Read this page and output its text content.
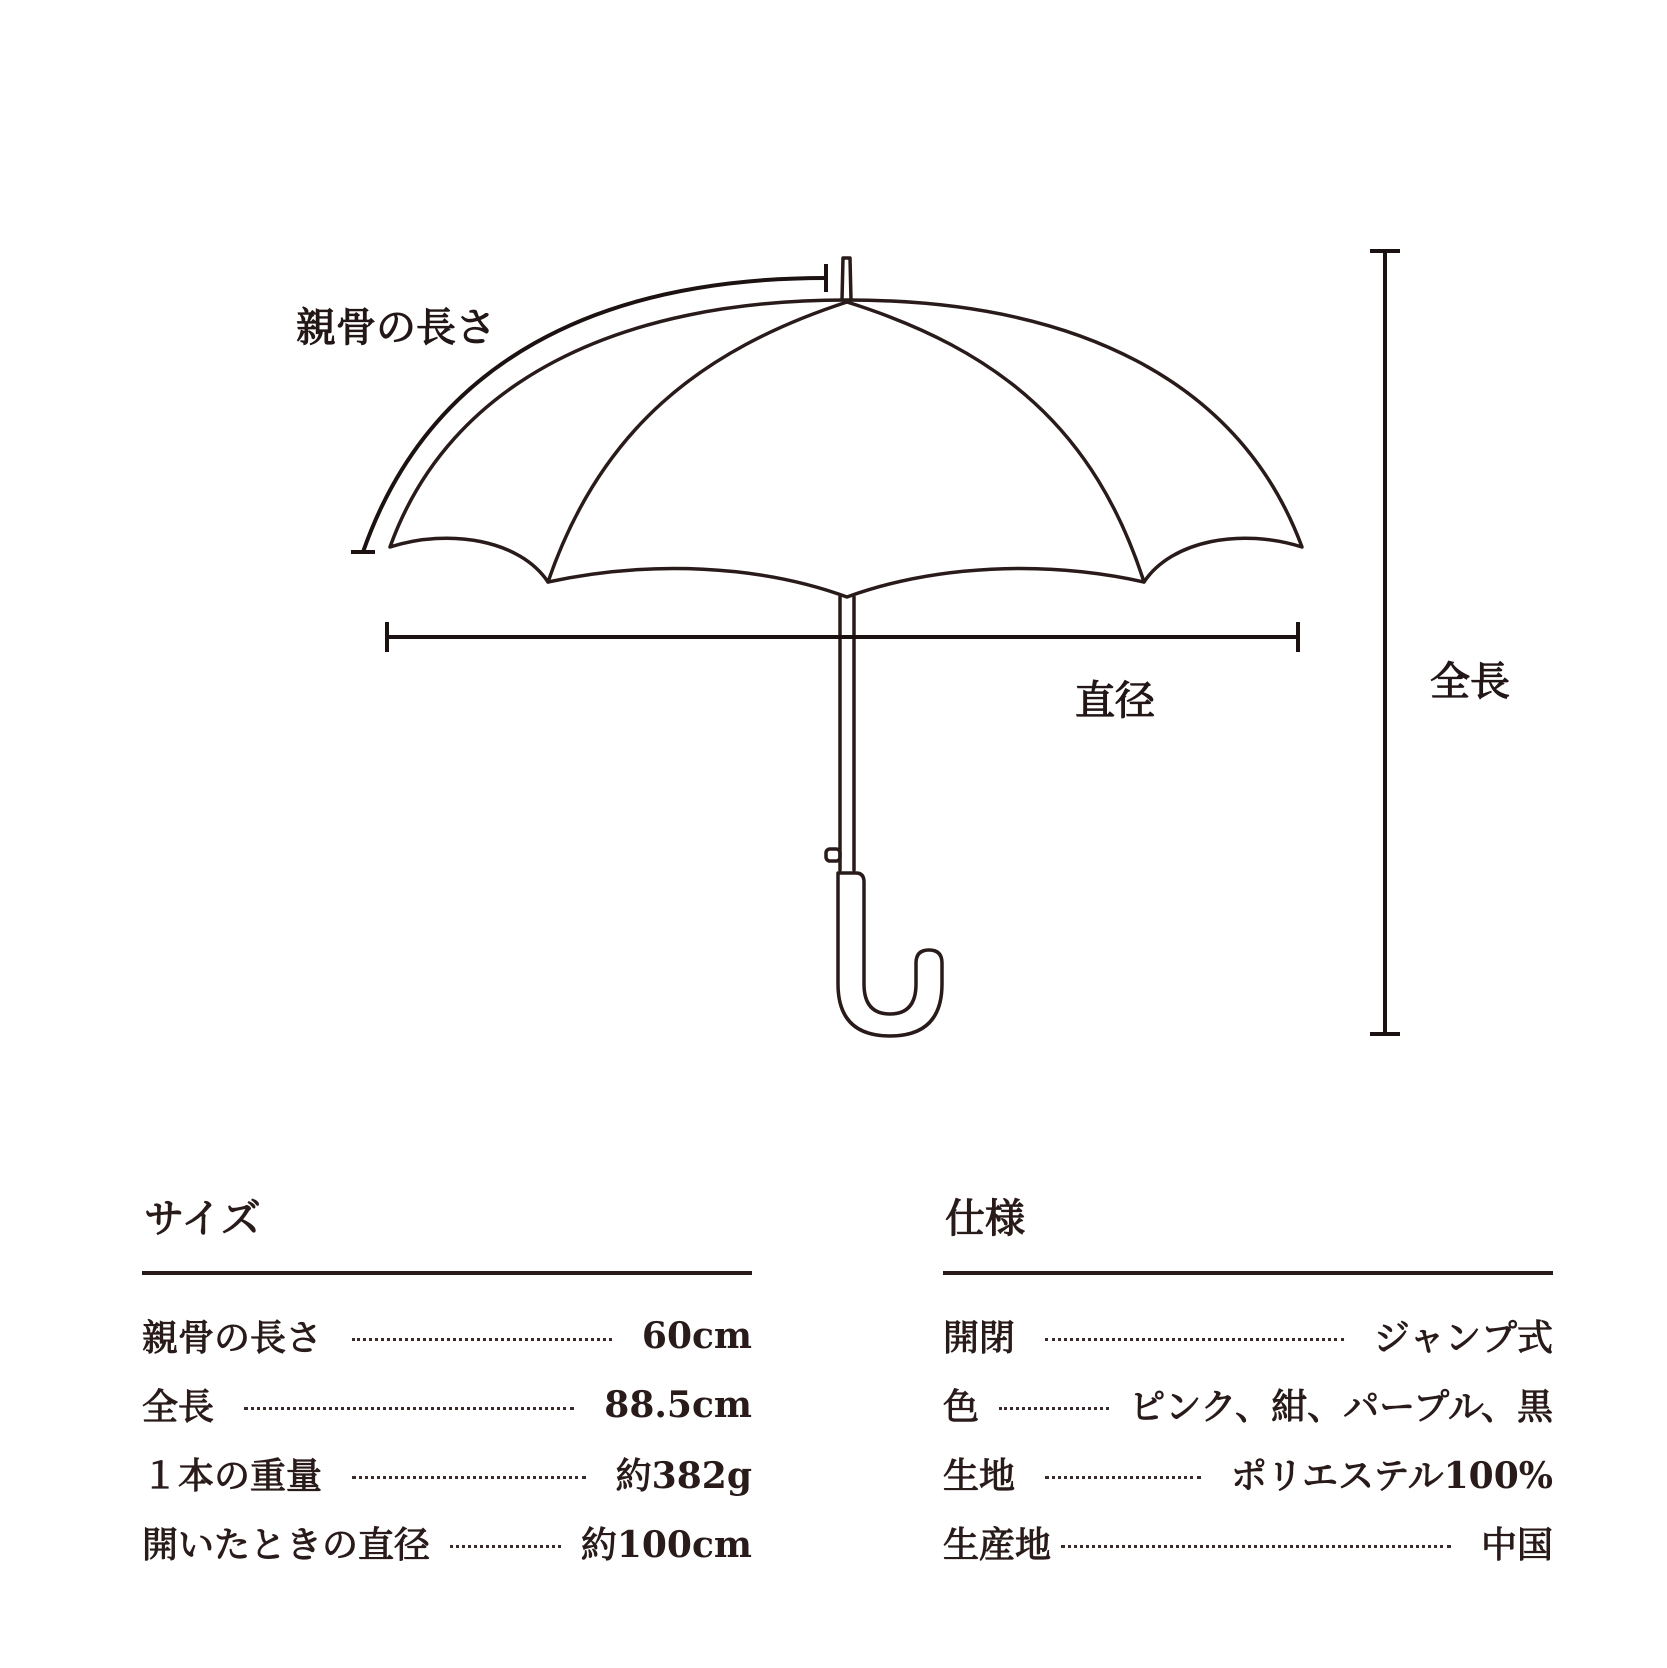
親骨の長さ
直径	全長
サイズ
親骨の長さ	60cm
全長	88.5cm
１本の重量	約382g
開いたときの直径	約100cm
仕様
開閉	ジャンプ式
色	ピンク、紺、パープル、黒
生地	ポリエステル100%
生産地	中国
